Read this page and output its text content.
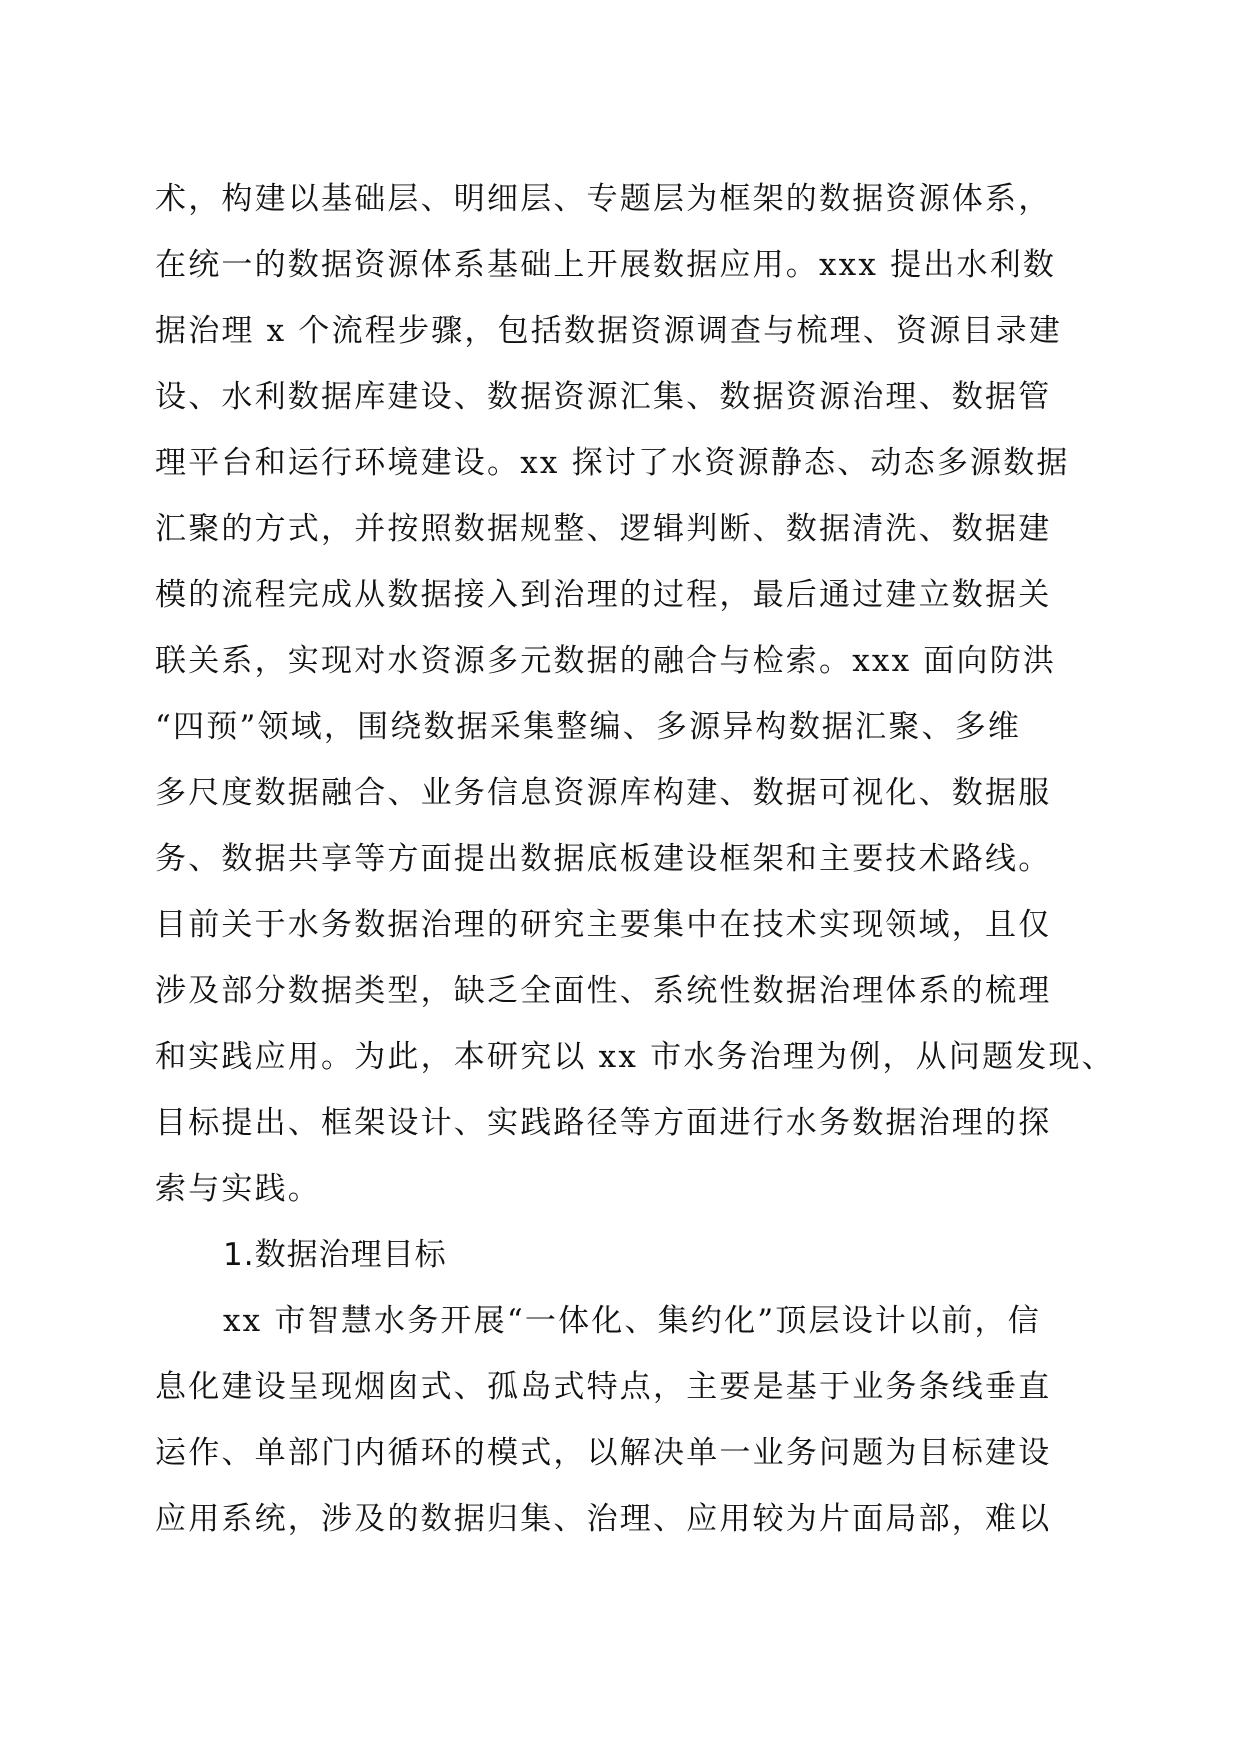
术，构建以基础层、明细层、专题层为框架的数据资源体系，
在统一的数据资源体系基础上开展数据应用。xxx 提出水利数
据治理 x 个流程步骤，包括数据资源调查与梳理、资源目录建
设、水利数据库建设、数据资源汇集、数据资源治理、数据管
理平台和运行环境建设。xx 探讨了水资源静态、动态多源数据
汇聚的方式，并按照数据规整、逻辑判断、数据清洗、数据建
模的流程完成从数据接入到治理的过程，最后通过建立数据关
联关系，实现对水资源多元数据的融合与检索。xxx 面向防洪
“四预”领域，围绕数据采集整编、多源异构数据汇聚、多维
多尺度数据融合、业务信息资源库构建、数据可视化、数据服
务、数据共享等方面提出数据底板建设框架和主要技术路线。
目前关于水务数据治理的研究主要集中在技术实现领域，且仅
涉及部分数据类型，缺乏全面性、系统性数据治理体系的梳理
和实践应用。为此，本研究以 xx 市水务治理为例，从问题发现、
目标提出、框架设计、实践路径等方面进行水务数据治理的探
索与实践。
1.数据治理目标
xx 市智慧水务开展“一体化、集约化”顶层设计以前，信
息化建设呈现烟囱式、孤岛式特点，主要是基于业务条线垂直
运作、单部门内循环的模式，以解决单一业务问题为目标建设
应用系统，涉及的数据归集、治理、应用较为片面局部，难以
